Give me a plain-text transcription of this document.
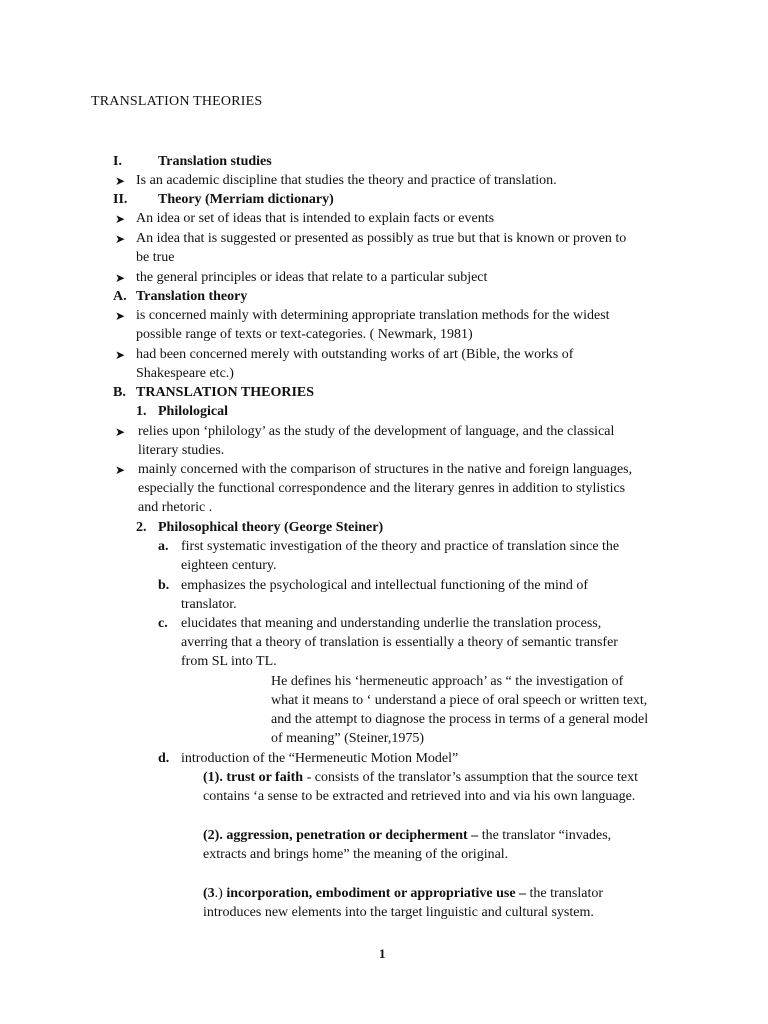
TRANSLATION THEORIES
I.	Translation studies
➤ Is an academic discipline that studies the theory and practice of translation.
II. Theory (Merriam dictionary)
➤ An idea or set of ideas that is intended to explain facts or events
➤ An idea that is suggested or presented as possibly as true but that is known or proven to
be true
➤ the general principles or ideas that relate to a particular subject
A. Translation theory
➤ is concerned mainly with determining appropriate translation methods for the widest
possible range of texts or text-categories. ( Newmark, 1981)
➤ had been concerned merely with outstanding works of art (Bible, the works of
Shakespeare etc.)
B. TRANSLATION THEORIES
1. Philological
➤ relies upon ‘philology’ as the study of the development of language, and the classical
literary studies.
➤ mainly concerned with the comparison of structures in the native and foreign languages,
especially the functional correspondence and the literary genres in addition to stylistics
and rhetoric .
2. Philosophical theory (George Steiner)
a. first systematic investigation of the theory and practice of translation since the
eighteen century.
b. emphasizes the psychological and intellectual functioning of the mind of
translator.
c. elucidates that meaning and understanding underlie the translation process,
averring that a theory of translation is essentially a theory of semantic transfer
from SL into TL.
He defines his ‘hermeneutic approach’ as “ the investigation of
what it means to ‘ understand a piece of oral speech or written text,
and the attempt to diagnose the process in terms of a general model
of meaning” (Steiner,1975)
d. introduction of the “Hermeneutic Motion Model”
(1). trust or faith - consists of the translator’s assumption that the source text
contains ‘a sense to be extracted and retrieved into and via his own language.
(2). aggression, penetration or decipherment – the translator “invades,
extracts and brings home” the meaning of the original.
(3.) incorporation, embodiment or appropriative use – the translator
introduces new elements into the target linguistic and cultural system.
1
